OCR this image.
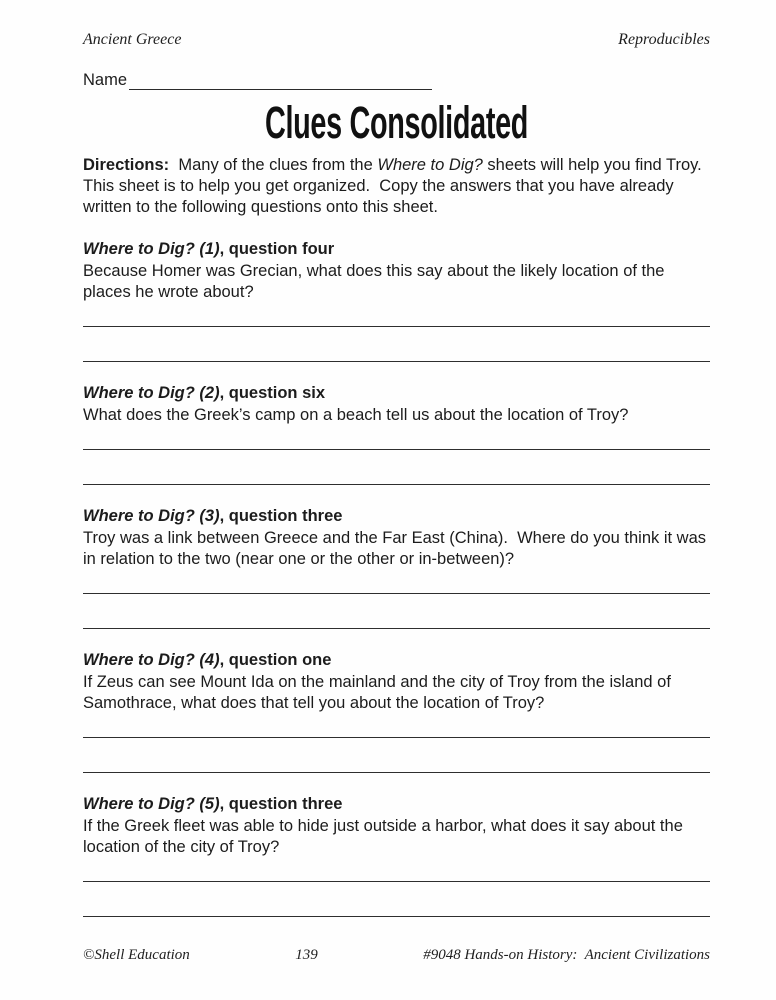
Ancient Greece	Reproducibles
Name
Clues Consolidated

Directions:  Many of the clues from the Where to Dig? sheets will help you find Troy.  This sheet is to help you get organized.  Copy the answers that you have already written to the following questions onto this sheet.

Where to Dig? (1), question four

Because Homer was Grecian, what does this say about the likely location of the places he wrote about?

Where to Dig? (2), question six

What does the Greek’s camp on a beach tell us about the location of Troy?

Where to Dig? (3), question three

Troy was a link between Greece and the Far East (China).  Where do you think it was in relation to the two (near one or the other or in-between)?

Where to Dig? (4), question one

If Zeus can see Mount Ida on the mainland and the city of Troy from the island of Samothrace, what does that tell you about the location of Troy?

Where to Dig? (5), question three

If the Greek fleet was able to hide just outside a harbor, what does it say about the location of the city of Troy?

©Shell Education	139	#9048 Hands-on History:  Ancient Civilizations
